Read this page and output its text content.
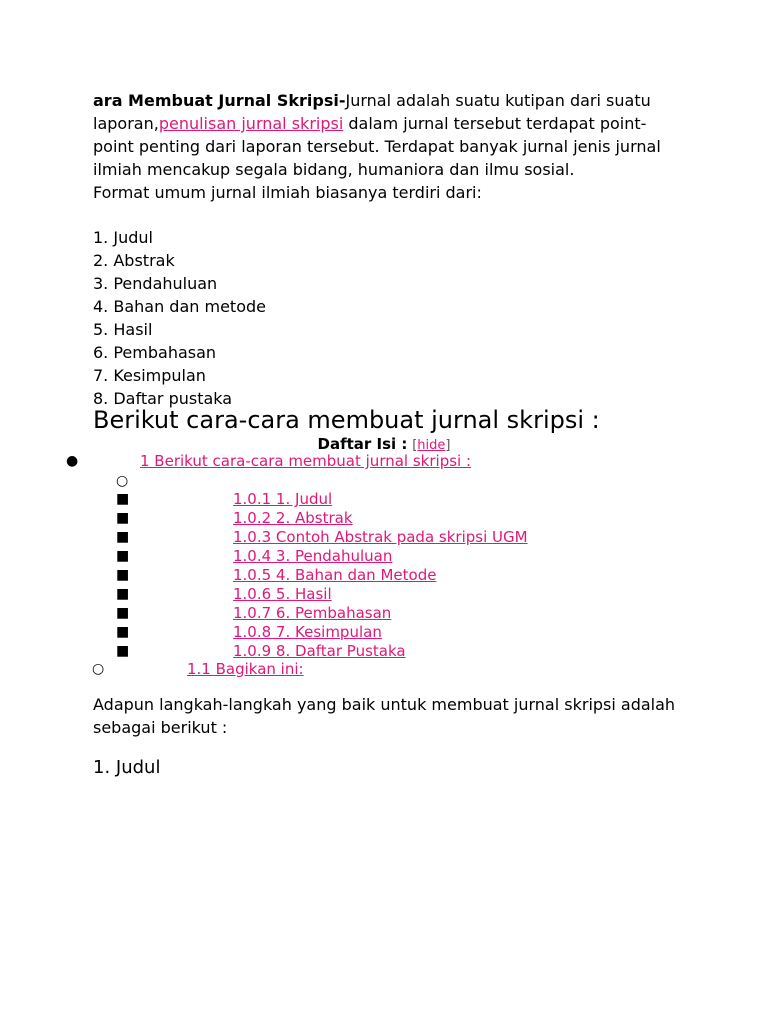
ara Membuat Jurnal Skripsi-Jurnal adalah suatu kutipan dari suatu laporan,penulisan jurnal skripsi dalam jurnal tersebut terdapat point-point penting dari laporan tersebut. Terdapat banyak jurnal jenis jurnal ilmiah mencakup segala bidang, humaniora dan ilmu sosial.
Format umum jurnal ilmiah biasanya terdiri dari:
1. Judul
2. Abstrak
3. Pendahuluan
4. Bahan dan metode
5. Hasil
6. Pembahasan
7. Kesimpulan
8. Daftar pustaka
Berikut cara-cara membuat jurnal skripsi :
Daftar Isi : [hide]
●	1 Berikut cara-cara membuat jurnal skripsi :
○
■	1.0.1 1. Judul
■	1.0.2 2. Abstrak
■	1.0.3 Contoh Abstrak pada skripsi UGM
■	1.0.4 3. Pendahuluan
■	1.0.5 4. Bahan dan Metode
■	1.0.6 5. Hasil
■	1.0.7 6. Pembahasan
■	1.0.8 7. Kesimpulan
■	1.0.9 8. Daftar Pustaka
○	1.1 Bagikan ini:
Adapun langkah-langkah yang baik untuk membuat jurnal skripsi adalah sebagai berikut :
1. Judul
